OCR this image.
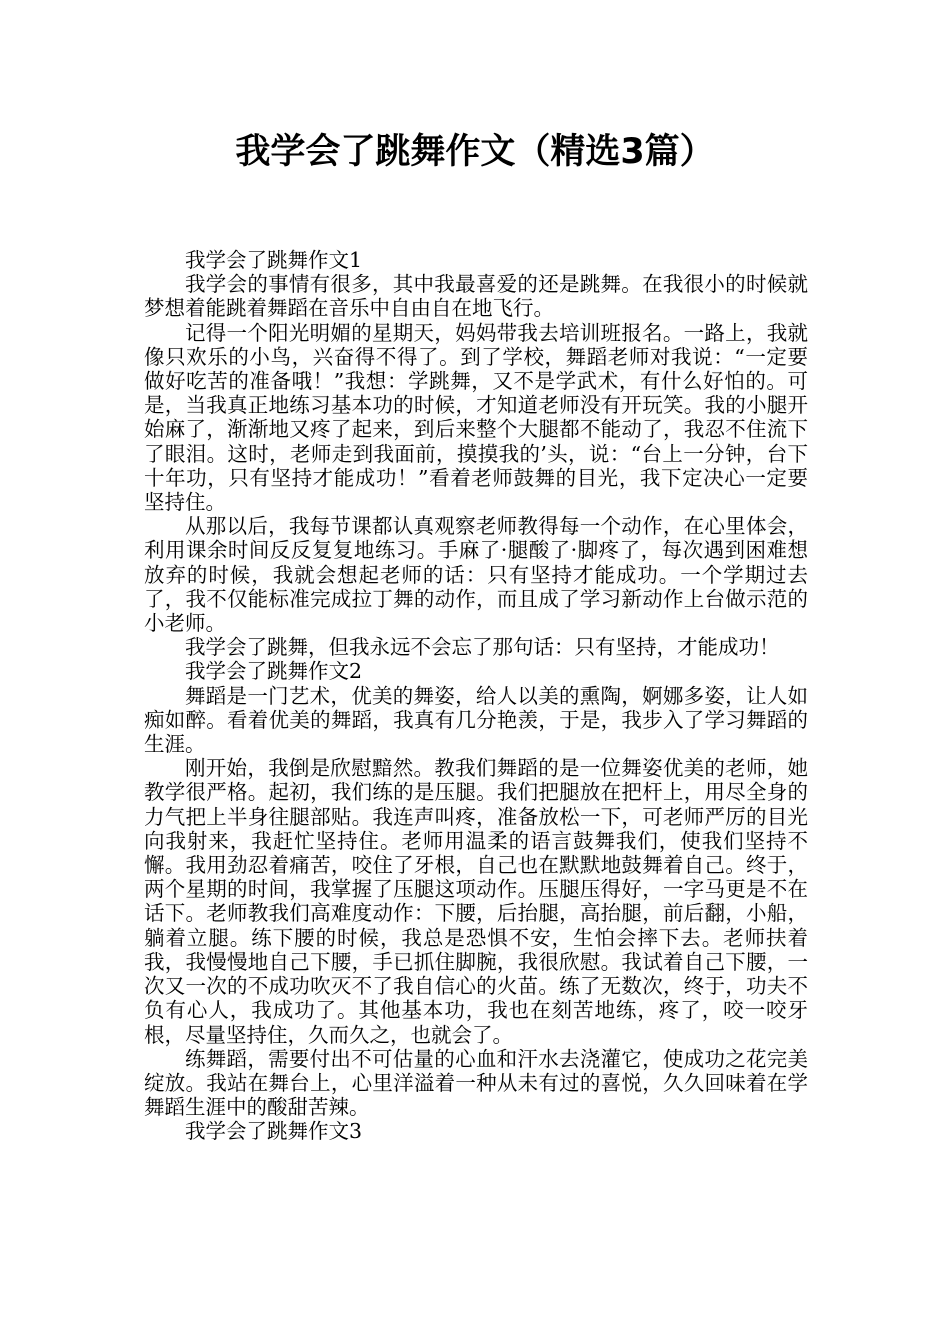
我学会了跳舞作文（精选3篇）

我学会了跳舞作文1

我学会的事情有很多，其中我最喜爱的还是跳舞。在我很小的时候就梦想着能跳着舞蹈在音乐中自由自在地飞行。

记得一个阳光明媚的星期天，妈妈带我去培训班报名。一路上，我就像只欢乐的小鸟，兴奋得不得了。到了学校，舞蹈老师对我说：“一定要做好吃苦的准备哦！”我想：学跳舞，又不是学武术，有什么好怕的。可是，当我真正地练习基本功的时候，才知道老师没有开玩笑。我的小腿开始麻了，渐渐地又疼了起来，到后来整个大腿都不能动了，我忍不住流下了眼泪。这时，老师走到我面前，摸摸我的’头，说：“台上一分钟，台下十年功，只有坚持才能成功！”看着老师鼓舞的目光，我下定决心一定要坚持住。

从那以后，我每节课都认真观察老师教得每一个动作，在心里体会，利用课余时间反反复复地练习。手麻了·腿酸了·脚疼了，每次遇到困难想放弃的时候，我就会想起老师的话：只有坚持才能成功。一个学期过去了，我不仅能标准完成拉丁舞的动作，而且成了学习新动作上台做示范的小老师。

我学会了跳舞，但我永远不会忘了那句话：只有坚持，才能成功！

我学会了跳舞作文2

舞蹈是一门艺术，优美的舞姿，给人以美的熏陶，婀娜多姿，让人如痴如醉。看着优美的舞蹈，我真有几分艳羡，于是，我步入了学习舞蹈的生涯。

刚开始，我倒是欣慰黯然。教我们舞蹈的是一位舞姿优美的老师，她教学很严格。起初，我们练的是压腿。我们把腿放在把杆上，用尽全身的力气把上半身往腿部贴。我连声叫疼，准备放松一下，可老师严厉的目光向我射来，我赶忙坚持住。老师用温柔的语言鼓舞我们，使我们坚持不懈。我用劲忍着痛苦，咬住了牙根，自己也在默默地鼓舞着自己。终于，两个星期的时间，我掌握了压腿这项动作。压腿压得好，一字马更是不在话下。老师教我们高难度动作：下腰，后抬腿，高抬腿，前后翻，小船，躺着立腿。练下腰的时候，我总是恐惧不安，生怕会摔下去。老师扶着我，我慢慢地自己下腰，手已抓住脚腕，我很欣慰。我试着自己下腰，一次又一次的不成功吹灭不了我自信心的火苗。练了无数次，终于，功夫不负有心人，我成功了。其他基本功，我也在刻苦地练，疼了，咬一咬牙根，尽量坚持住，久而久之，也就会了。

练舞蹈，需要付出不可估量的心血和汗水去浇灌它，使成功之花完美绽放。我站在舞台上，心里洋溢着一种从未有过的喜悦，久久回味着在学舞蹈生涯中的酸甜苦辣。

我学会了跳舞作文3
